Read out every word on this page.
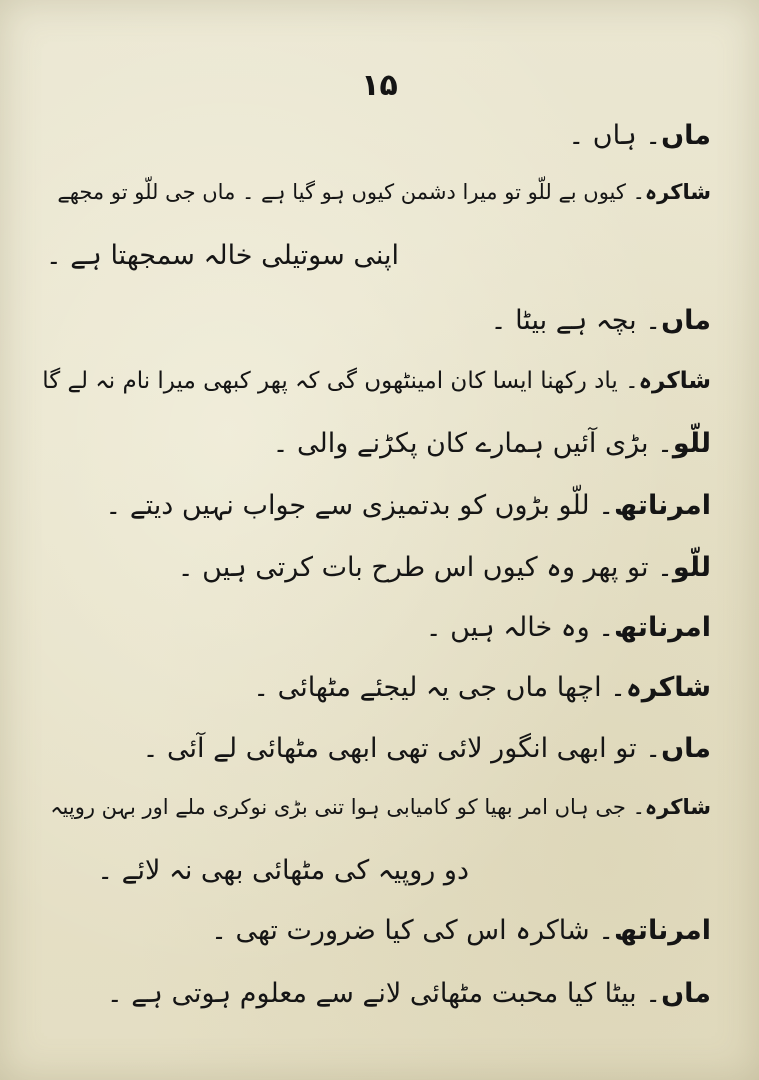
۱۵
ماں۔ ہاں ۔
شاکرہ۔ کیوں بے للّو تو میرا دشمن کیوں ہو گیا ہے ۔ ماں جی للّو تو مجھے
اپنی سوتیلی خالہ سمجھتا ہے ۔
ماں۔ بچہ ہے بیٹا ۔
شاکرہ۔ یاد رکھنا ایسا کان امینٹھوں گی کہ پھر کبھی میرا نام نہ لے گا
للّو۔ بڑی آئیں ہمارے کان پکڑنے والی ۔
امرناتھ۔ للّو بڑوں کو بدتمیزی سے جواب نہیں دیتے ۔
للّو۔ تو پھر وہ کیوں اس طرح بات کرتی ہیں ۔
امرناتھ۔ وہ خالہ ہیں ۔
شاکرہ۔ اچھا ماں جی یہ لیجئے مٹھائی ۔
ماں۔ تو ابھی انگور لائی تھی ابھی مٹھائی لے آئی ۔
شاکرہ۔ جی ہاں امر بھیا کو کامیابی ہوا تنی بڑی نوکری ملے اور بہن روپیہ
دو روپیہ کی مٹھائی بھی نہ لائے ۔
امرناتھ۔ شاکرہ اس کی کیا ضرورت تھی ۔
ماں۔ بیٹا کیا محبت مٹھائی لانے سے معلوم ہوتی ہے ۔
